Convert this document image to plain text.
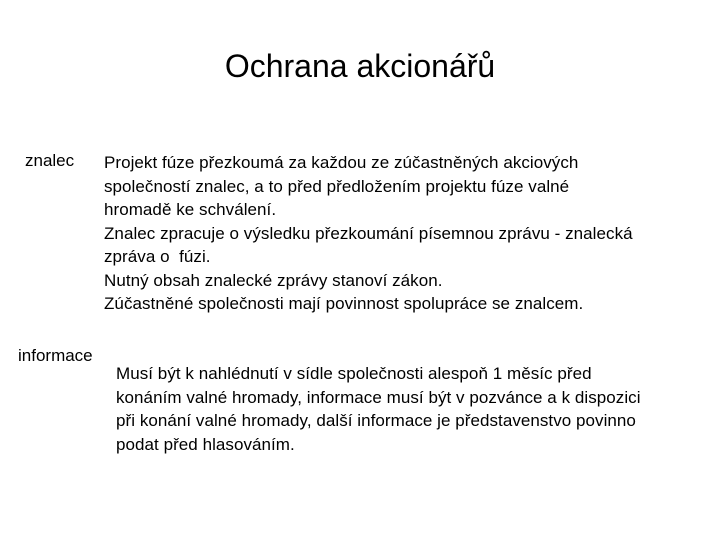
Ochrana akcionářů
znalec Projekt fúze přezkoumá za každou ze zúčastněných akciových
společností znalec, a to před předložením projektu fúze valné
hromadě ke schválení.
Znalec zpracuje o výsledku přezkoumání písemnou zprávu - znalecká
zpráva o  fúzi.
Nutný obsah znalecké zprávy stanoví zákon.
Zúčastněné společnosti mají povinnost spolupráce se znalcem.
informace
Musí být k nahlédnutí v sídle společnosti alespoň 1 měsíc před
konáním valné hromady, informace musí být v pozvánce a k dispozici
při konání valné hromady, další informace je představenstvo povinno
podat před hlasováním.
